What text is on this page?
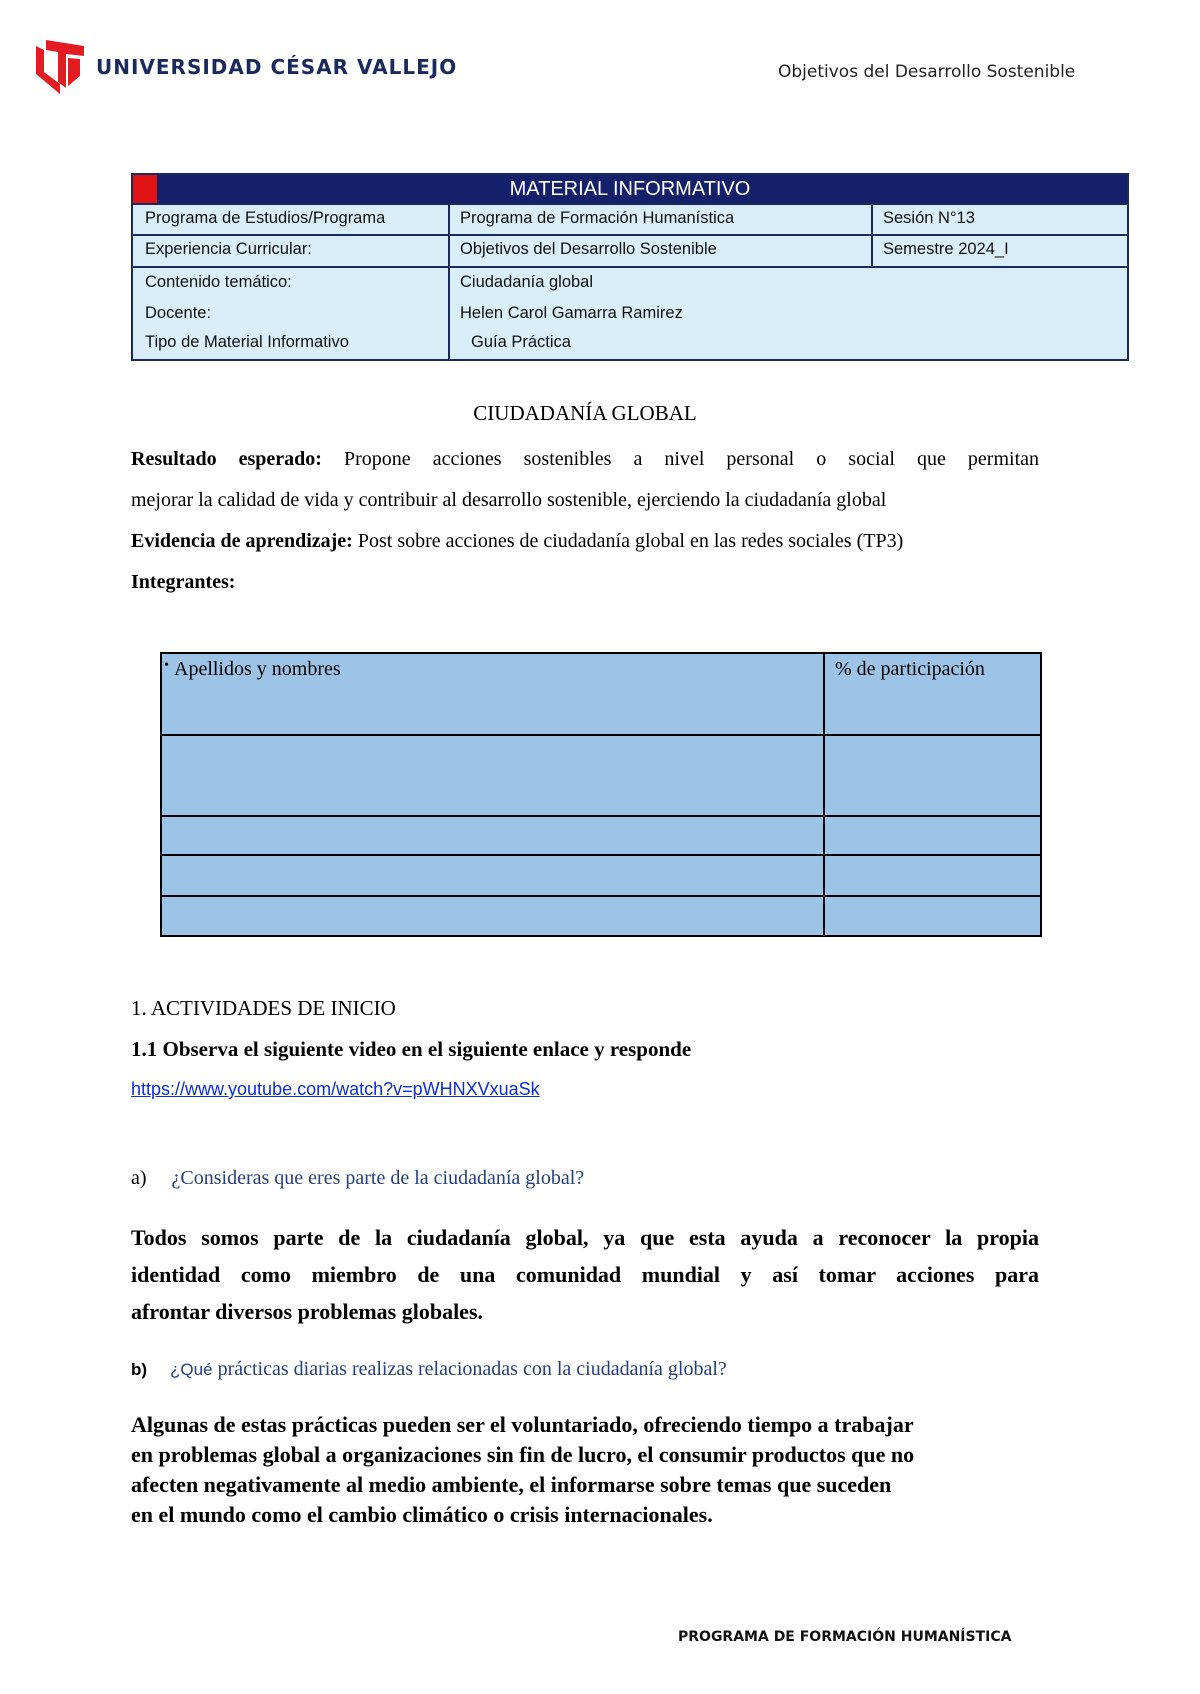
UNIVERSIDAD CÉSAR VALLEJO	Objetivos del Desarrollo Sostenible
MATERIAL INFORMATIVO
Programa de Estudios/Programa	Programa de Formación Humanística	Sesión N°13
Experiencia Curricular:	Objetivos del Desarrollo Sostenible	Semestre 2024_I
Contenido temático:	Ciudadanía global
Docente:	Helen Carol Gamarra Ramirez
Tipo de Material Informativo	Guía Práctica
CIUDADANÍA GLOBAL
Resultado esperado: Propone acciones sostenibles a nivel personal o social que permitan
mejorar la calidad de vida y contribuir al desarrollo sostenible, ejerciendo la ciudadanía global
Evidencia de aprendizaje: Post sobre acciones de ciudadanía global en las redes sociales (TP3)
Integrantes:
• Apellidos y nombres	% de participación
1. ACTIVIDADES DE INICIO
1.1 Observa el siguiente video en el siguiente enlace y responde
https://www.youtube.com/watch?v=pWHNXVxuaSk
a) ¿Consideras que eres parte de la ciudadanía global?
Todos somos parte de la ciudadanía global, ya que esta ayuda a reconocer la propia
identidad como miembro de una comunidad mundial y así tomar acciones para
afrontar diversos problemas globales.
b) ¿Qué prácticas diarias realizas relacionadas con la ciudadanía global?
Algunas de estas prácticas pueden ser el voluntariado, ofreciendo tiempo a trabajar
en problemas global a organizaciones sin fin de lucro, el consumir productos que no
afecten negativamente al medio ambiente, el informarse sobre temas que suceden
en el mundo como el cambio climático o crisis internacionales.
PROGRAMA DE FORMACIÓN HUMANÍSTICA
